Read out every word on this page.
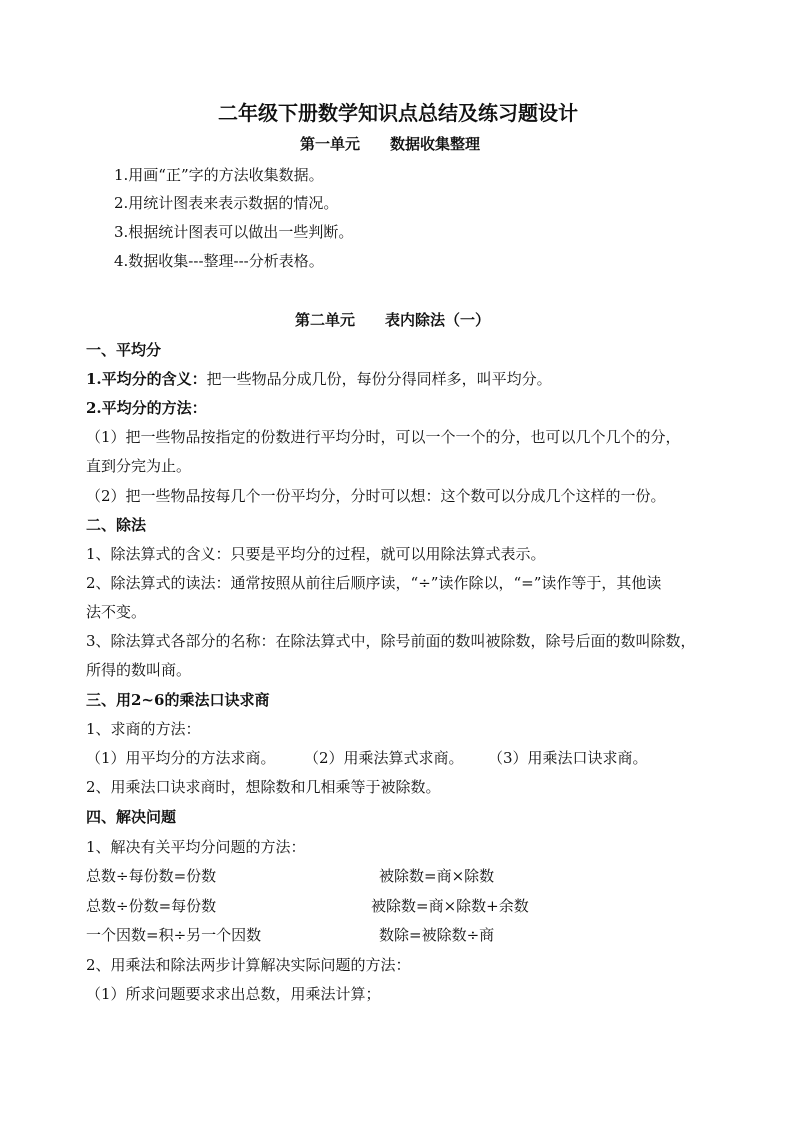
二年级下册数学知识点总结及练习题设计
第一单元　　数据收集整理
1.用画“正”字的方法收集数据。
2.用统计图表来表示数据的情况。
3.根据统计图表可以做出一些判断。
4.数据收集---整理---分析表格。
第二单元　　表内除法（一）
一、平均分
1.平均分的含义：把一些物品分成几份，每份分得同样多，叫平均分。
2.平均分的方法：
（1）把一些物品按指定的份数进行平均分时，可以一个一个的分，也可以几个几个的分，
直到分完为止。
（2）把一些物品按每几个一份平均分，分时可以想：这个数可以分成几个这样的一份。
二、除法
1、除法算式的含义：只要是平均分的过程，就可以用除法算式表示。
2、除法算式的读法：通常按照从前往后顺序读，“÷”读作除以，“=”读作等于，其他读
法不变。
3、除法算式各部分的名称：在除法算式中，除号前面的数叫被除数，除号后面的数叫除数，
所得的数叫商。
三、用2~6的乘法口诀求商
1、求商的方法：
（1）用平均分的方法求商。 （2）用乘法算式求商。 （3）用乘法口诀求商。
2、用乘法口诀求商时，想除数和几相乘等于被除数。
四、解决问题
1、解决有关平均分问题的方法：
总数÷每份数=份数	被除数=商×除数
总数÷份数=每份数	被除数=商×除数+余数
一个因数=积÷另一个因数	数除=被除数÷商
2、用乘法和除法两步计算解决实际问题的方法：
（1）所求问题要求求出总数，用乘法计算；
